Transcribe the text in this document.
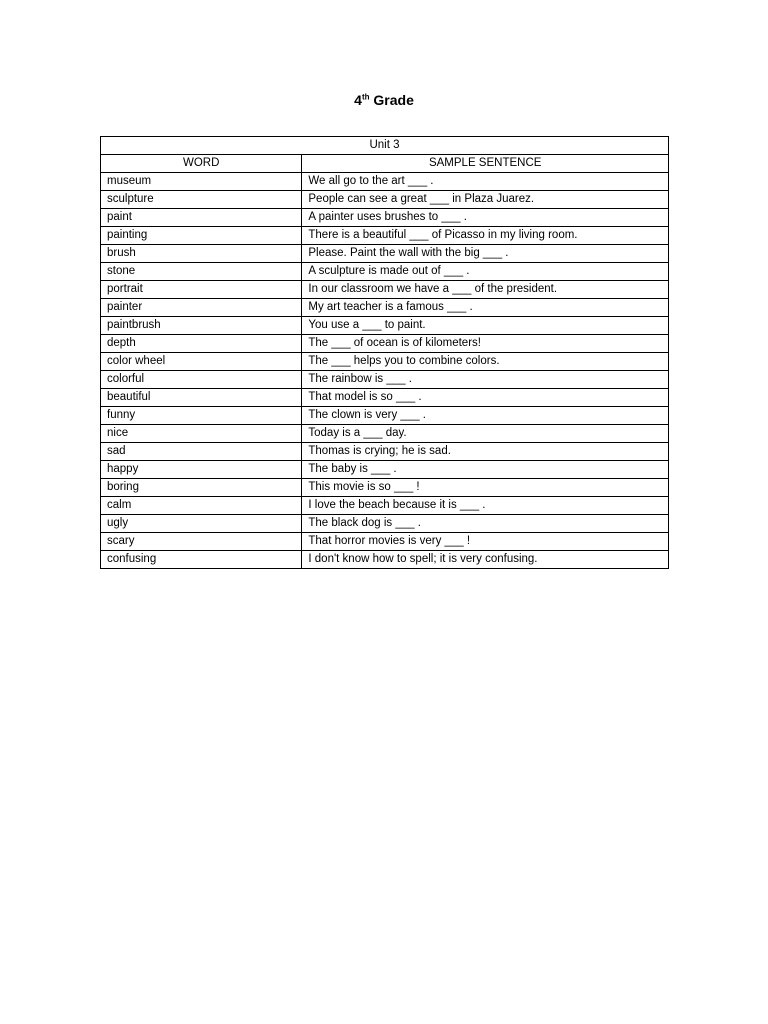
4th Grade
Unit 3	
WORD	SAMPLE SENTENCE
museum	We all go to the art ___ .
sculpture	People can see a great ___ in Plaza Juarez.
paint	A painter uses brushes to ___ .
painting	There is a beautiful ___ of Picasso in my living room.
brush	Please. Paint the wall with the big ___ .
stone	A sculpture is made out of ___ .
portrait	In our classroom we have a ___ of the president.
painter	My art teacher is a famous ___ .
paintbrush	You use a ___ to paint.
depth	The ___ of ocean is of kilometers!
color wheel	The ___ helps you to combine colors.
colorful	The rainbow is ___ .
beautiful	That model is so ___ .
funny	The clown is very ___ .
nice	Today is a ___ day.
sad	Thomas is crying; he is sad.
happy	The baby is ___ .
boring	This movie is so ___ !
calm	I love the beach because it is ___ .
ugly	The black dog is ___ .
scary	That horror movies is very ___ !
confusing	I don't know how to spell; it is very confusing.
